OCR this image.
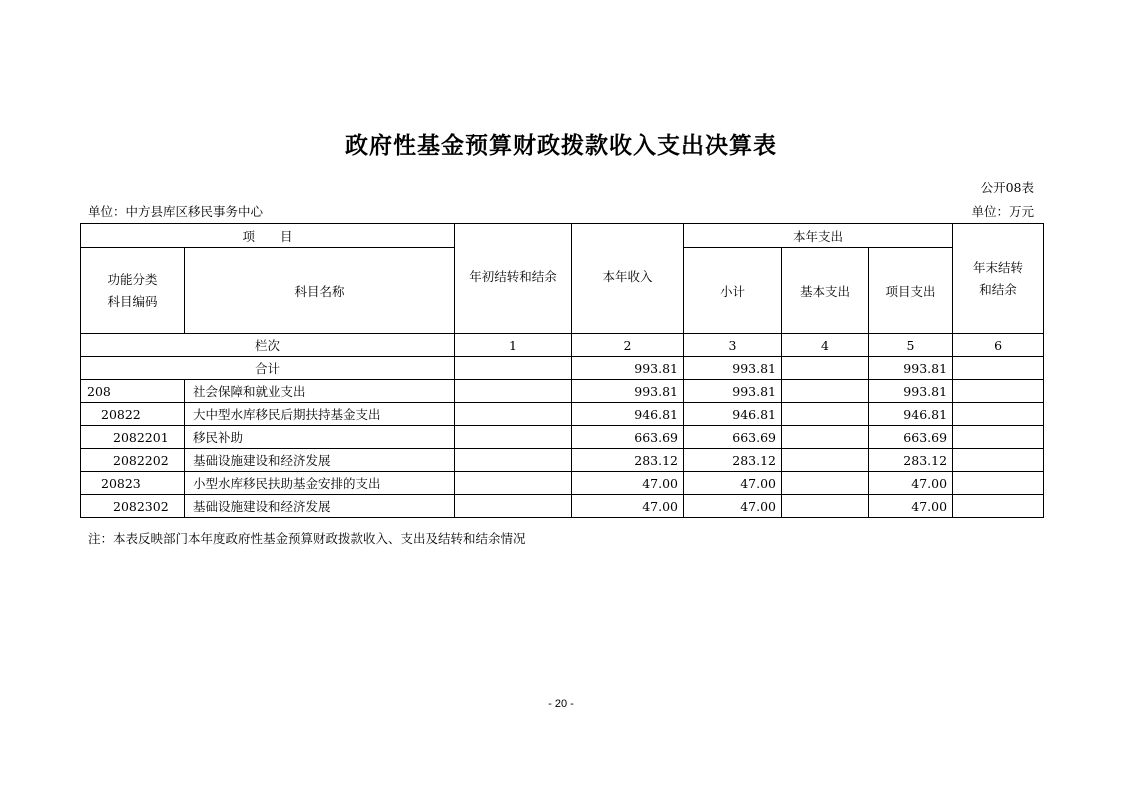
政府性基金预算财政拨款收入支出决算表
公开08表
单位：中方县库区移民事务中心	单位：万元
项　　目		年初结转和结余	本年收入	本年支出			年末结转
和结余
功能分类
科目编码	科目名称			小计	基本支出	项目支出	
栏次		1	2	3	4	5	6
合计			993.81	993.81		993.81	
208	社会保障和就业支出		993.81	993.81		993.81	
20822	大中型水库移民后期扶持基金支出		946.81	946.81		946.81	
2082201	移民补助		663.69	663.69		663.69	
2082202	基础设施建设和经济发展		283.12	283.12		283.12	
20823	小型水库移民扶助基金安排的支出		47.00	47.00		47.00	
2082302	基础设施建设和经济发展		47.00	47.00		47.00	
注：本表反映部门本年度政府性基金预算财政拨款收入、支出及结转和结余情况
- 20 -
